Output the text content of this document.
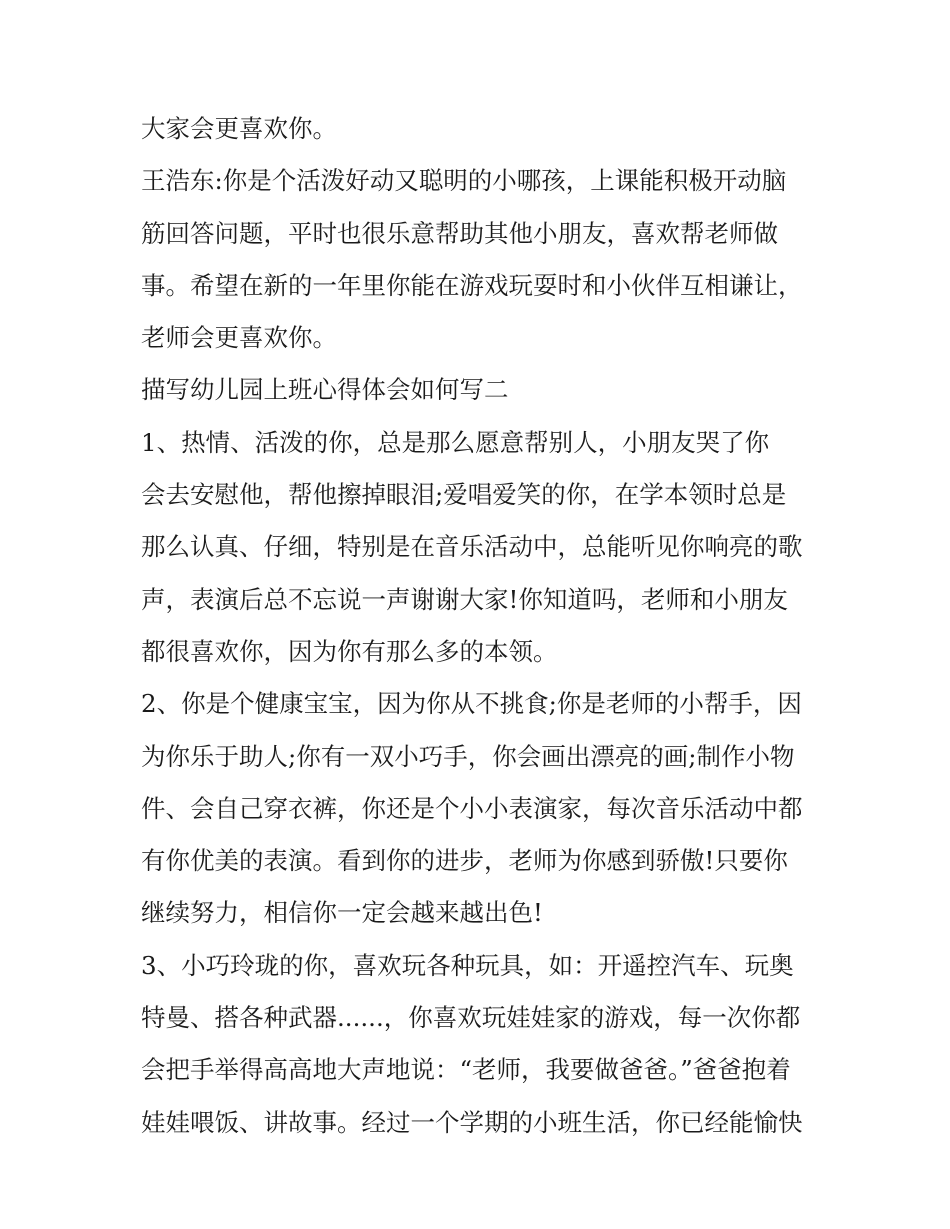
大家会更喜欢你。
王浩东:你是个活泼好动又聪明的小哪孩，上课能积极开动脑
筋回答问题，平时也很乐意帮助其他小朋友，喜欢帮老师做
事。希望在新的一年里你能在游戏玩耍时和小伙伴互相谦让，
老师会更喜欢你。
描写幼儿园上班心得体会如何写二
1、热情、活泼的你，总是那么愿意帮别人，小朋友哭了你
会去安慰他，帮他擦掉眼泪;爱唱爱笑的你，在学本领时总是
那么认真、仔细，特别是在音乐活动中，总能听见你响亮的歌
声，表演后总不忘说一声谢谢大家!你知道吗，老师和小朋友
都很喜欢你，因为你有那么多的本领。
2、你是个健康宝宝，因为你从不挑食;你是老师的小帮手，因
为你乐于助人;你有一双小巧手，你会画出漂亮的画;制作小物
件、会自己穿衣裤，你还是个小小表演家，每次音乐活动中都
有你优美的表演。看到你的进步，老师为你感到骄傲!只要你
继续努力，相信你一定会越来越出色!
3、小巧玲珑的你，喜欢玩各种玩具，如：开遥控汽车、玩奥
特曼、搭各种武器......，你喜欢玩娃娃家的游戏，每一次你都
会把手举得高高地大声地说：“老师，我要做爸爸。”爸爸抱着
娃娃喂饭、讲故事。经过一个学期的小班生活，你已经能愉快
